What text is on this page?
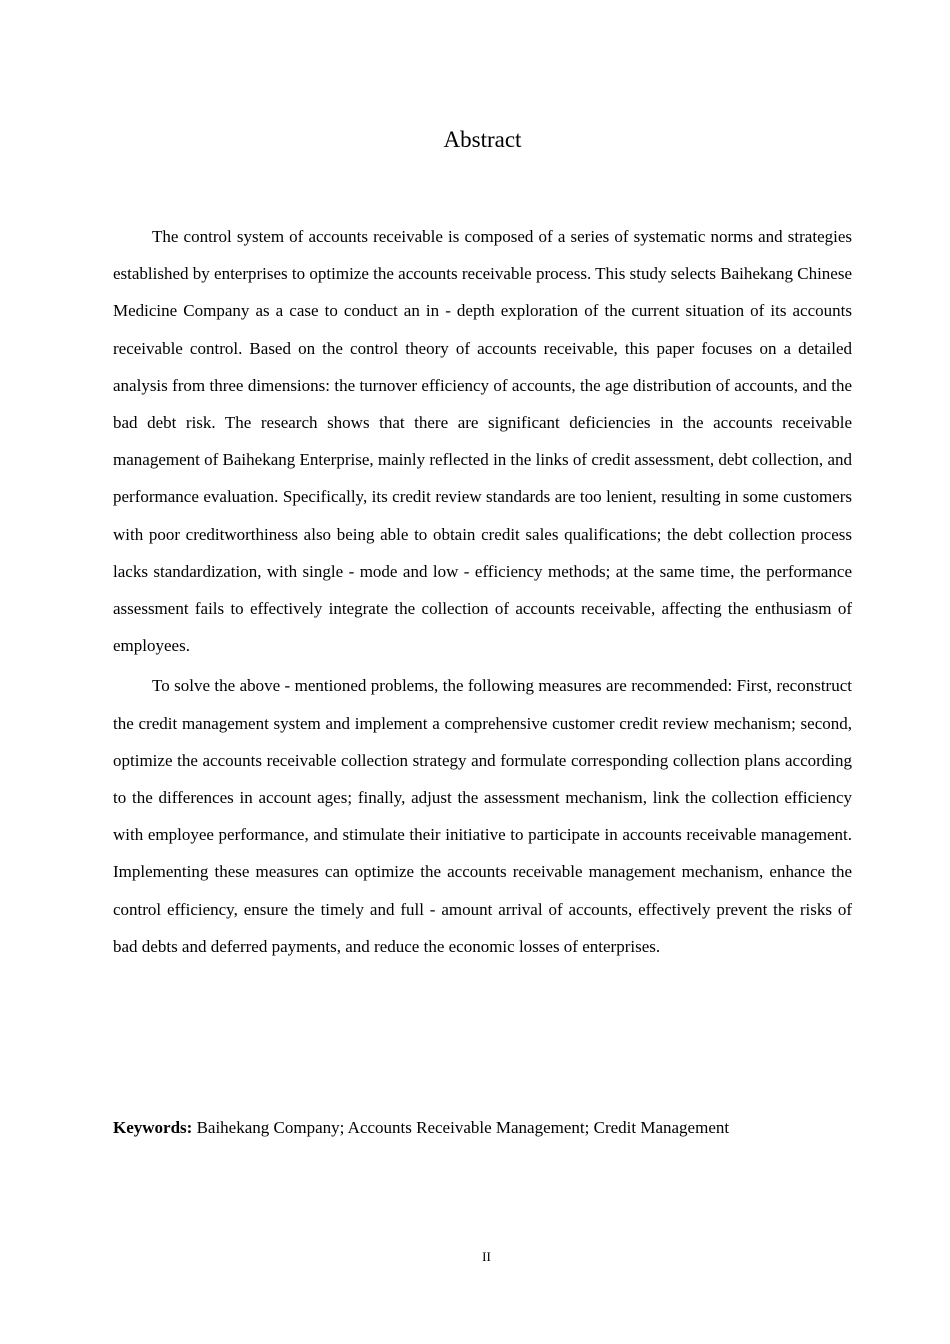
Abstract

The control system of accounts receivable is composed of a series of systematic norms and strategies established by enterprises to optimize the accounts receivable process. This study selects Baihekang Chinese Medicine Company as a case to conduct an in - depth exploration of the current situation of its accounts receivable control. Based on the control theory of accounts receivable, this paper focuses on a detailed analysis from three dimensions: the turnover efficiency of accounts, the age distribution of accounts, and the bad debt risk. The research shows that there are significant deficiencies in the accounts receivable management of Baihekang Enterprise, mainly reflected in the links of credit assessment, debt collection, and performance evaluation. Specifically, its credit review standards are too lenient, resulting in some customers with poor creditworthiness also being able to obtain credit sales qualifications; the debt collection process lacks standardization, with single - mode and low - efficiency methods; at the same time, the performance assessment fails to effectively integrate the collection of accounts receivable, affecting the enthusiasm of employees.

To solve the above - mentioned problems, the following measures are recommended: First, reconstruct the credit management system and implement a comprehensive customer credit review mechanism; second, optimize the accounts receivable collection strategy and formulate corresponding collection plans according to the differences in account ages; finally, adjust the assessment mechanism, link the collection efficiency with employee performance, and stimulate their initiative to participate in accounts receivable management. Implementing these measures can optimize the accounts receivable management mechanism, enhance the control efficiency, ensure the timely and full - amount arrival of accounts, effectively prevent the risks of bad debts and deferred payments, and reduce the economic losses of enterprises.

Keywords: Baihekang Company; Accounts Receivable Management; Credit Management

II
